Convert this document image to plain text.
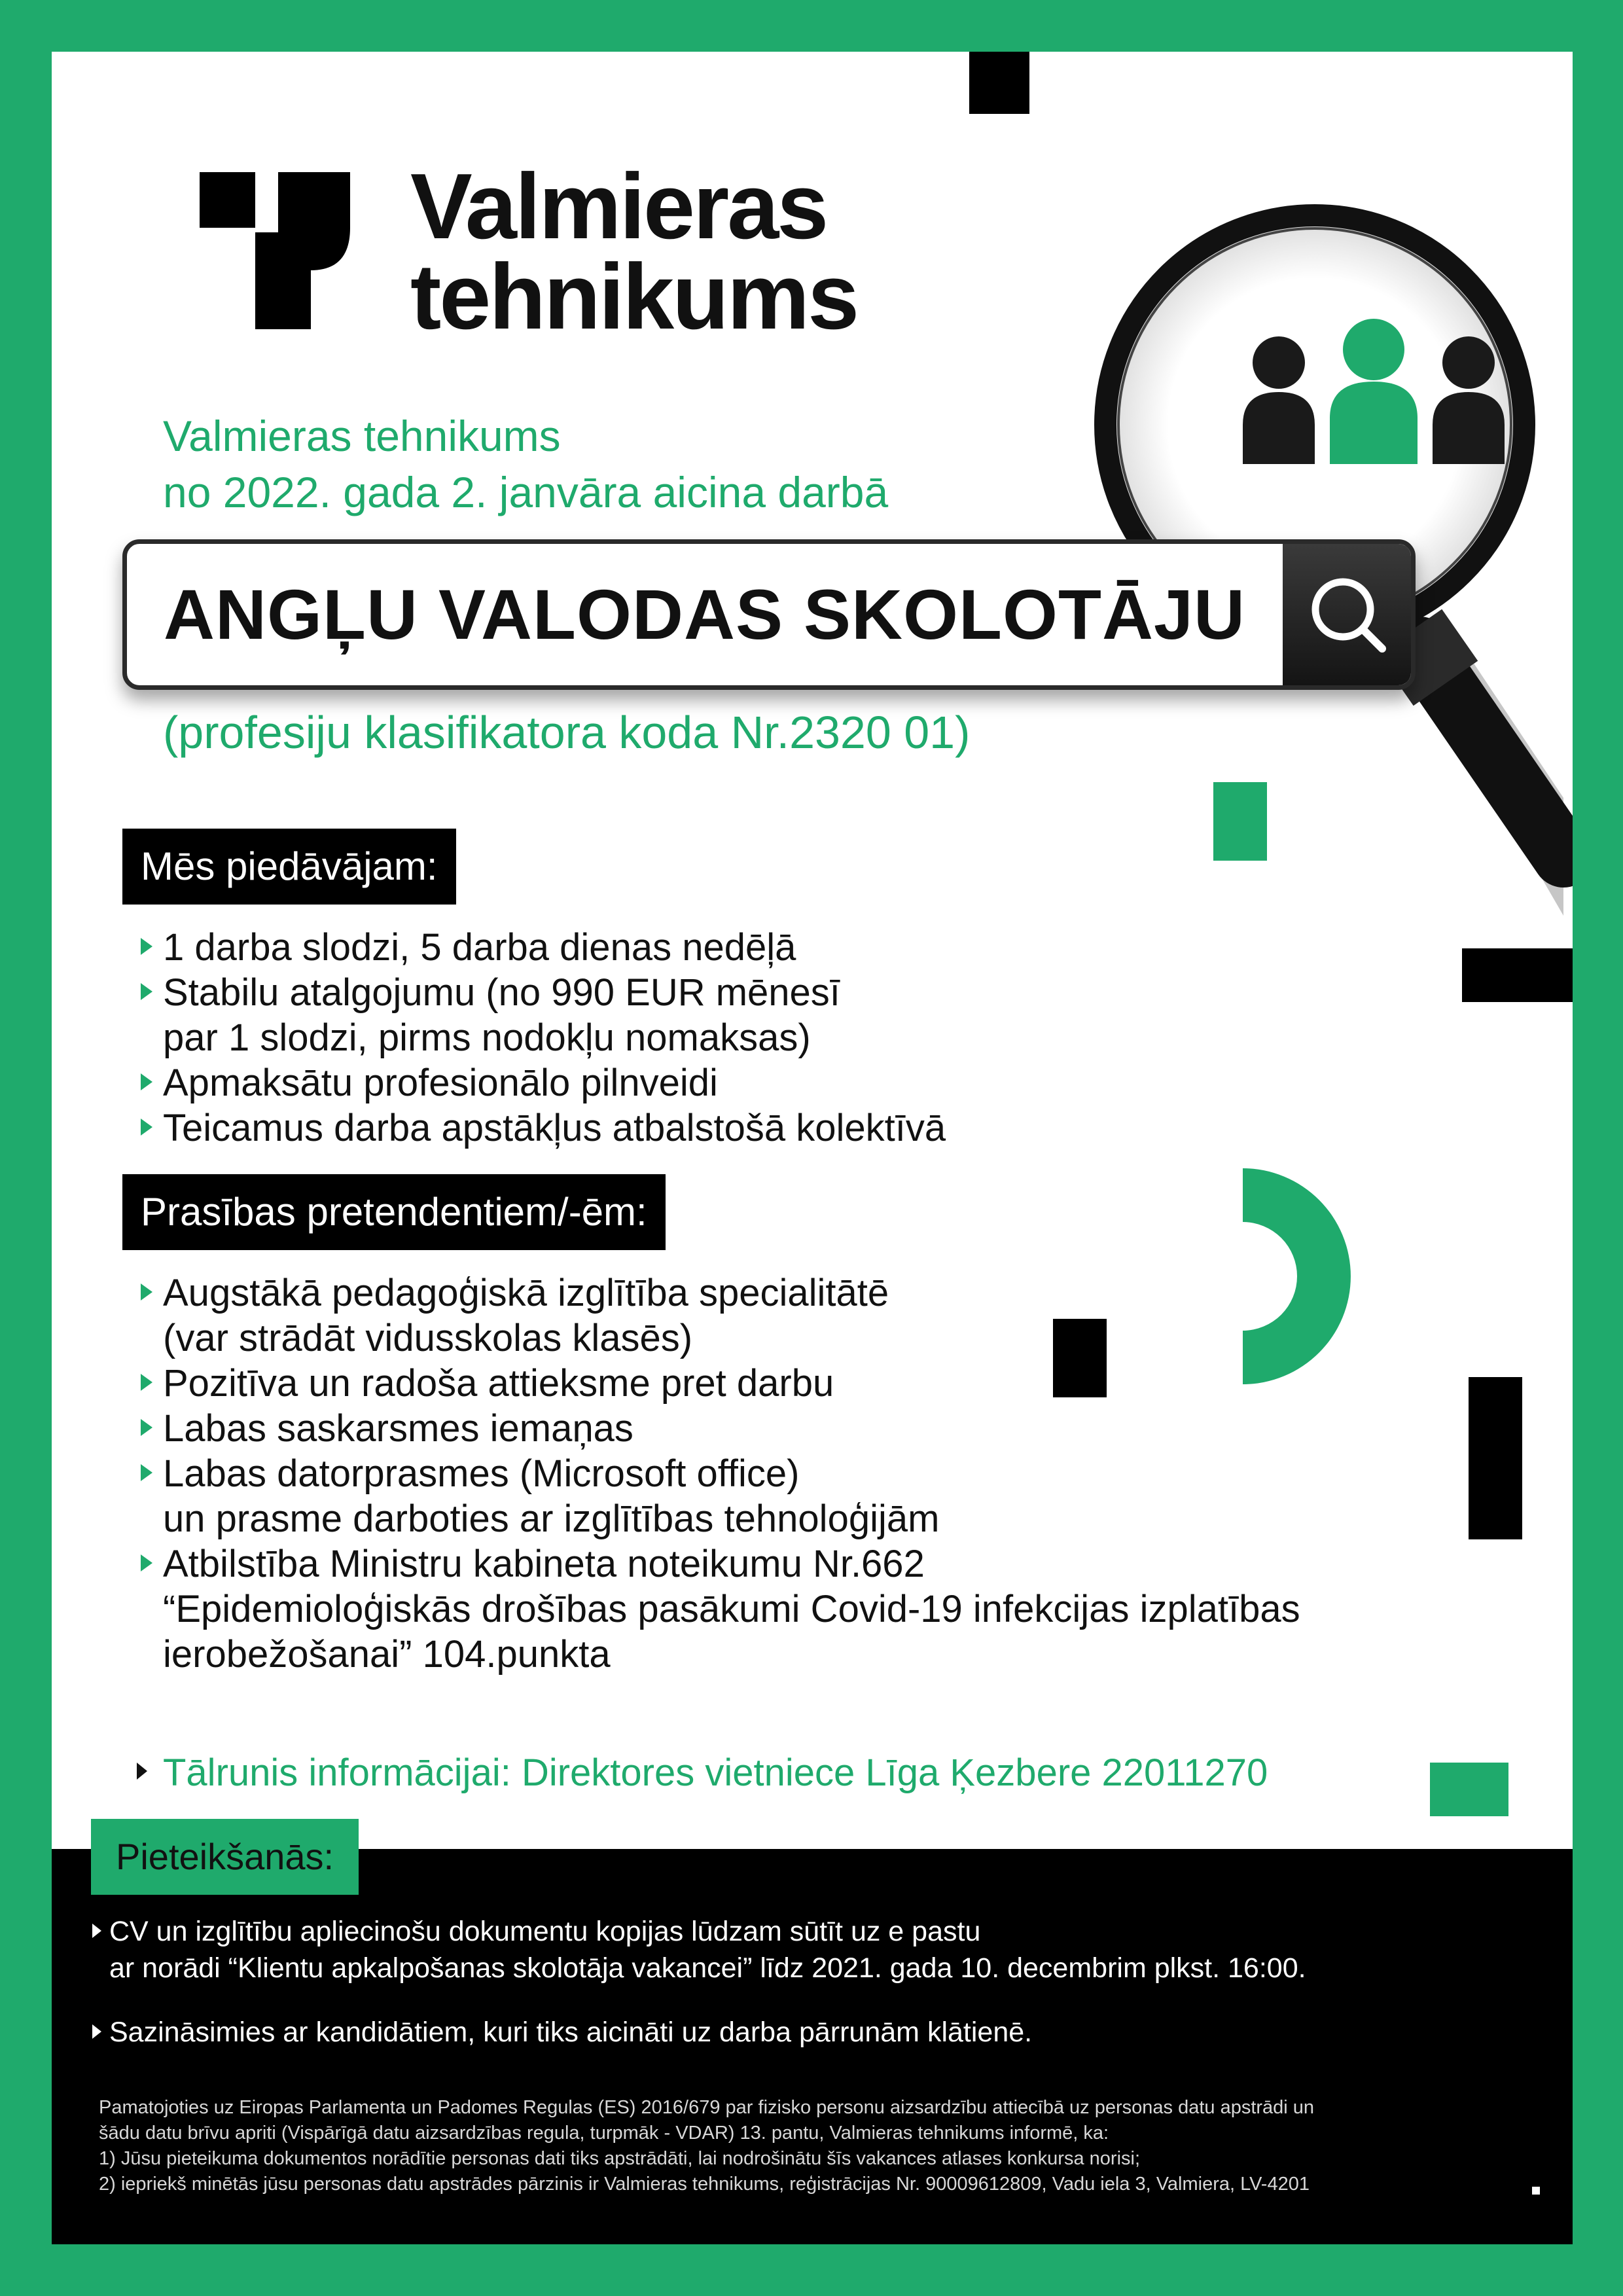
Valmieras
tehnikums
Valmieras tehnikums
no 2022. gada 2. janvāra aicina darbā
ANGĻU VALODAS SKOLOTĀJU
(profesiju klasifikatora koda Nr.2320 01)
Mēs piedāvājam:
1 darba slodzi, 5 darba dienas nedēļā
Stabilu atalgojumu (no 990 EUR mēnesī
par 1 slodzi, pirms nodokļu nomaksas)
Apmaksātu profesionālo pilnveidi
Teicamus darba apstākļus atbalstošā kolektīvā
Prasības pretendentiem/-ēm:
Augstākā pedagoģiskā izglītība specialitātē
(var strādāt vidusskolas klasēs)
Pozitīva un radoša attieksme pret darbu
Labas saskarsmes iemaņas
Labas datorprasmes (Microsoft office)
un prasme darboties ar izglītības tehnoloģijām
Atbilstība Ministru kabineta noteikumu Nr.662
“Epidemioloģiskās drošības pasākumi Covid-19 infekcijas izplatības
ierobežošanai” 104.punkta
Tālrunis informācijai: Direktores vietniece Līga Ķezbere 22011270
Pieteikšanās:
CV un izglītību apliecinošu dokumentu kopijas lūdzam sūtīt uz e pastu
ar norādi “Klientu apkalpošanas skolotāja vakancei” līdz 2021. gada 10. decembrim plkst. 16:00.
Sazināsimies ar kandidātiem, kuri tiks aicināti uz darba pārrunām klātienē.
Pamatojoties uz Eiropas Parlamenta un Padomes Regulas (ES) 2016/679 par fizisko personu aizsardzību attiecībā uz personas datu apstrādi un
šādu datu brīvu apriti (Vispārīgā datu aizsardzības regula, turpmāk - VDAR) 13. pantu, Valmieras tehnikums informē, ka:
1) Jūsu pieteikuma dokumentos norādītie personas dati tiks apstrādāti, lai nodrošinātu šīs vakances atlases konkursa norisi;
2) iepriekš minētās jūsu personas datu apstrādes pārzinis ir Valmieras tehnikums, reģistrācijas Nr. 90009612809, Vadu iela 3, Valmiera, LV-4201
